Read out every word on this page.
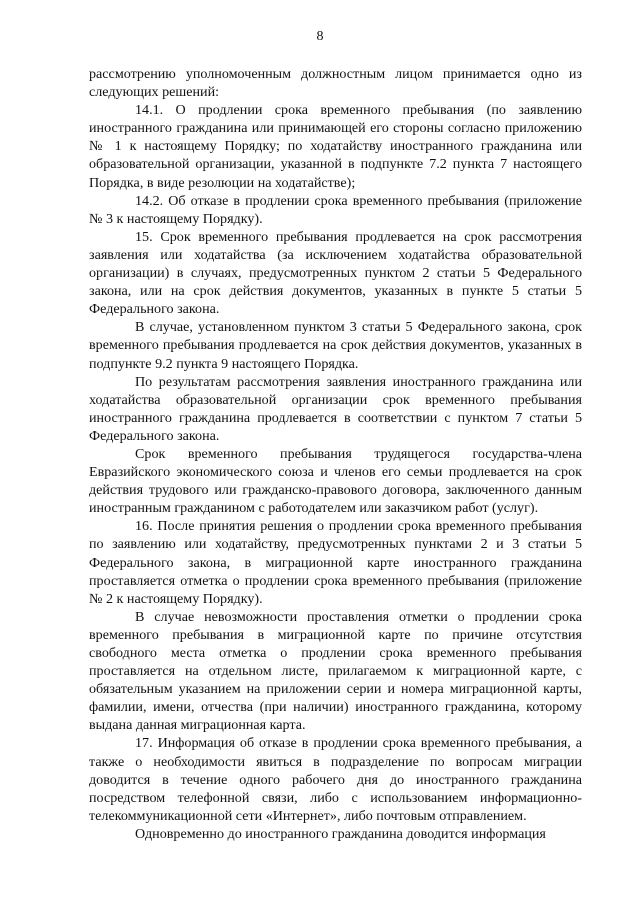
8

рассмотрению уполномоченным должностным лицом принимается одно из следующих решений:

14.1. О продлении срока временного пребывания (по заявлению иностранного гражданина или принимающей его стороны согласно приложению № 1 к настоящему Порядку; по ходатайству иностранного гражданина или образовательной организации, указанной в подпункте 7.2 пункта 7 настоящего Порядка, в виде резолюции на ходатайстве);

14.2. Об отказе в продлении срока временного пребывания (приложение № 3 к настоящему Порядку).

15. Срок временного пребывания продлевается на срок рассмотрения заявления или ходатайства (за исключением ходатайства образовательной организации) в случаях, предусмотренных пунктом 2 статьи 5 Федерального закона, или на срок действия документов, указанных в пункте 5 статьи 5 Федерального закона.

В случае, установленном пунктом 3 статьи 5 Федерального закона, срок временного пребывания продлевается на срок действия документов, указанных в подпункте 9.2 пункта 9 настоящего Порядка.

По результатам рассмотрения заявления иностранного гражданина или ходатайства образовательной организации срок временного пребывания иностранного гражданина продлевается в соответствии с пунктом 7 статьи 5 Федерального закона.

Срок временного пребывания трудящегося государства-члена Евразийского экономического союза и членов его семьи продлевается на срок действия трудового или гражданско-правового договора, заключенного данным иностранным гражданином с работодателем или заказчиком работ (услуг).

16. После принятия решения о продлении срока временного пребывания по заявлению или ходатайству, предусмотренных пунктами 2 и 3 статьи 5 Федерального закона, в миграционной карте иностранного гражданина проставляется отметка о продлении срока временного пребывания (приложение № 2 к настоящему Порядку).

В случае невозможности проставления отметки о продлении срока временного пребывания в миграционной карте по причине отсутствия свободного места отметка о продлении срока временного пребывания проставляется на отдельном листе, прилагаемом к миграционной карте, с обязательным указанием на приложении серии и номера миграционной карты, фамилии, имени, отчества (при наличии) иностранного гражданина, которому выдана данная миграционная карта.

17. Информация об отказе в продлении срока временного пребывания, а также о необходимости явиться в подразделение по вопросам миграции доводится в течение одного рабочего дня до иностранного гражданина посредством телефонной связи, либо с использованием информационно-телекоммуникационной сети «Интернет», либо почтовым отправлением.

Одновременно до иностранного гражданина доводится информация
